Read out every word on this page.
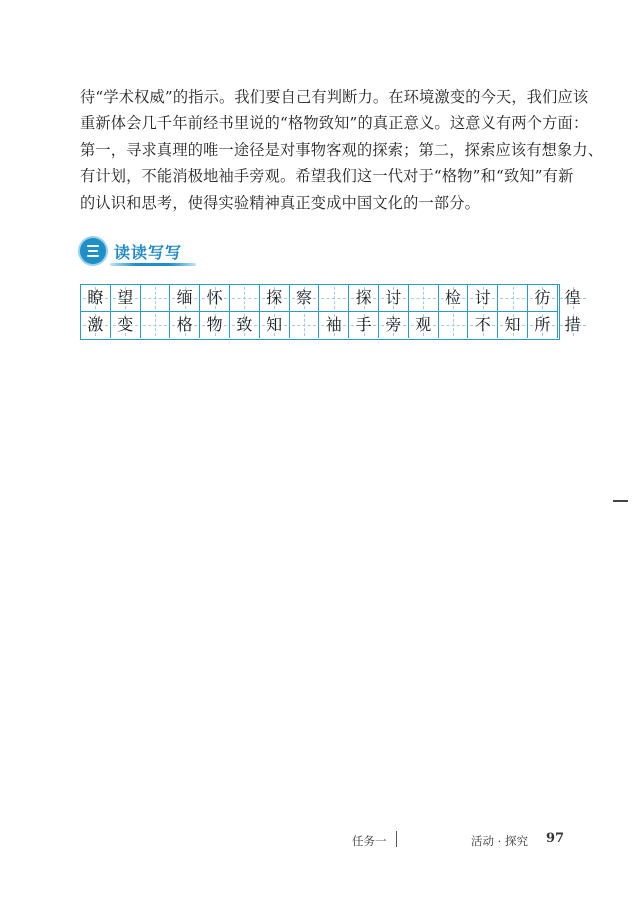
待“学术权威”的指示。我们要自己有判断力。在环境激变的今天，我们应该
重新体会几千年前经书里说的“格物致知”的真正意义。这意义有两个方面：
第一，寻求真理的唯一途径是对事物客观的探索；第二，探索应该有想象力、
有计划，不能消极地袖手旁观。希望我们这一代对于“格物”和“致知”有新
的认识和思考，使得实验精神真正变成中国文化的一部分。
读读写写
瞭 望	缅 怀	探 察	探 讨	检 讨	彷 徨
激 变	格 物 致 知	袖 手 旁 观	不 知 所 措
任务一	活动 · 探究 97
